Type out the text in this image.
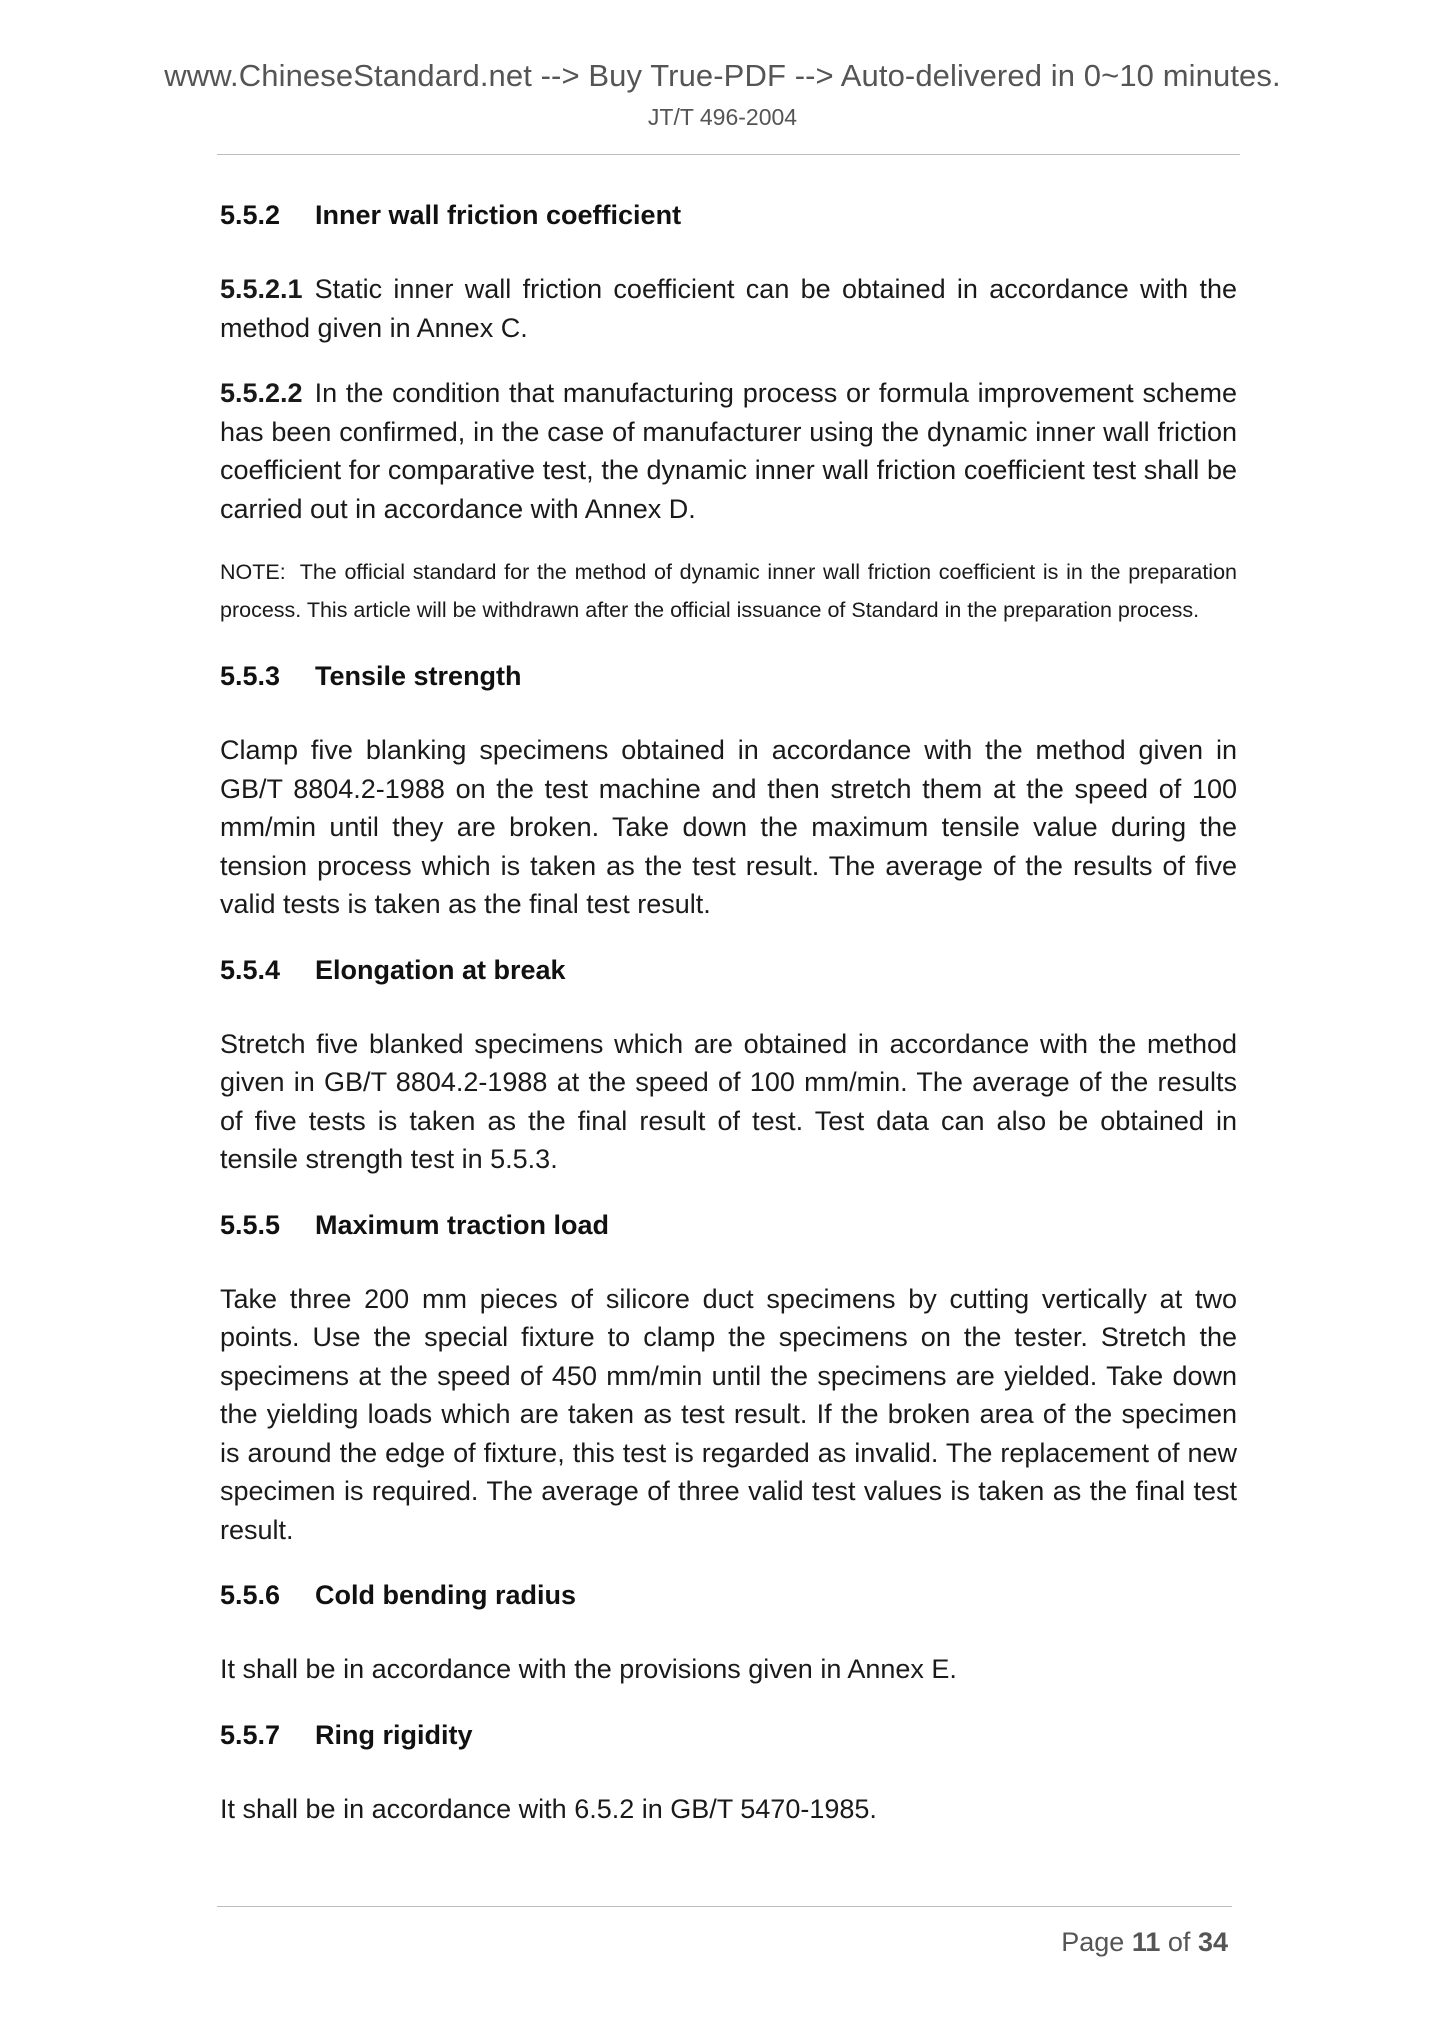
www.ChineseStandard.net --> Buy True-PDF --> Auto-delivered in 0~10 minutes.
JT/T 496-2004
5.5.2 Inner wall friction coefficient
5.5.2.1 Static inner wall friction coefficient can be obtained in accordance with the method given in Annex C.
5.5.2.2 In the condition that manufacturing process or formula improvement scheme has been confirmed, in the case of manufacturer using the dynamic inner wall friction coefficient for comparative test, the dynamic inner wall friction coefficient test shall be carried out in accordance with Annex D.
NOTE: The official standard for the method of dynamic inner wall friction coefficient is in the preparation process. This article will be withdrawn after the official issuance of Standard in the preparation process.
5.5.3 Tensile strength
Clamp five blanking specimens obtained in accordance with the method given in GB/T 8804.2-1988 on the test machine and then stretch them at the speed of 100 mm/min until they are broken. Take down the maximum tensile value during the tension process which is taken as the test result. The average of the results of five valid tests is taken as the final test result.
5.5.4 Elongation at break
Stretch five blanked specimens which are obtained in accordance with the method given in GB/T 8804.2-1988 at the speed of 100 mm/min. The average of the results of five tests is taken as the final result of test. Test data can also be obtained in tensile strength test in 5.5.3.
5.5.5 Maximum traction load
Take three 200 mm pieces of silicore duct specimens by cutting vertically at two points. Use the special fixture to clamp the specimens on the tester. Stretch the specimens at the speed of 450 mm/min until the specimens are yielded. Take down the yielding loads which are taken as test result. If the broken area of the specimen is around the edge of fixture, this test is regarded as invalid. The replacement of new specimen is required. The average of three valid test values is taken as the final test result.
5.5.6 Cold bending radius
It shall be in accordance with the provisions given in Annex E.
5.5.7 Ring rigidity
It shall be in accordance with 6.5.2 in GB/T 5470-1985.
Page 11 of 34
